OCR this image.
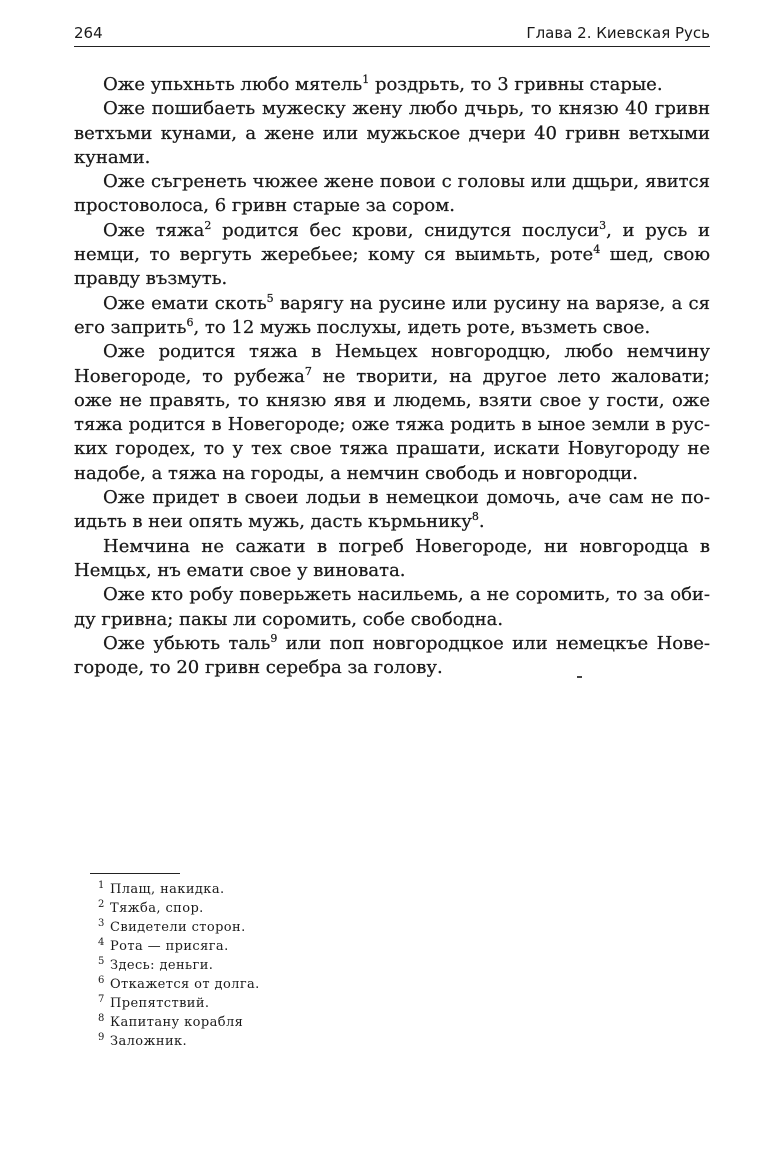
264	Глава 2. Киевская Русь

Оже упьхньть любо мятель$^1$ роздрьть, то 3 гривны старые.

Оже пошибаеть мужеску жену любо дчьрь, то князю 40 гривн ветхъми кунами, а жене или мужьское дчери 40 гривн ветхыми кунами.

Оже съгренеть чюжее жене повои с головы или дщьри, явится простоволоса, 6 гривн старые за сором.

Оже тяжа$^2$ родится бес крови, снидутся послуси$^3$, и русь и немци, то вергуть жеребьее; кому ся выимьть, роте$^4$ шед, свою правду възмуть.

Оже емати скоть$^5$ варягу на русине или русину на варязе, а ся его заприть$^6$, то 12 мужь послухы, идеть роте, възметь свое.

Оже родится тяжа в Немьцех новгородцю, любо немчину Новегороде, то рубежа$^7$ не творити, на другое лето жаловати; оже не правять, то князю явя и людемь, взяти свое у гости, оже тяжа родится в Новегороде; оже тяжа родить в ыное земли в руских городех, то у тех свое тяжа прашати, искати Новугороду не надобе, а тяжа на городы, а немчин свободь и новгородци.

Оже придет в своеи лодьи в немецкои домочь, аче сам не поидьть в неи опять мужь, дасть кърмьнику$^8$.

Немчина не сажати в погреб Новегороде, ни новгородца в Немцьх, нъ емати свое у виновата.

Оже кто робу поверьжеть насильемь, а не соромить, то за обиду гривна; пакы ли соромить, собе свободна.

Оже убьють таль$^9$ или поп новгородцкое или немецкъе Новегороде, то 20 гривн серебра за голову.

1 Плащ, накидка.
2 Тяжба, спор.
3 Свидетели сторон.
4 Рота — присяга.
5 Здесь: деньги.
6 Откажется от долга.
7 Препятствий.
8 Капитану корабля
9 Заложник.
